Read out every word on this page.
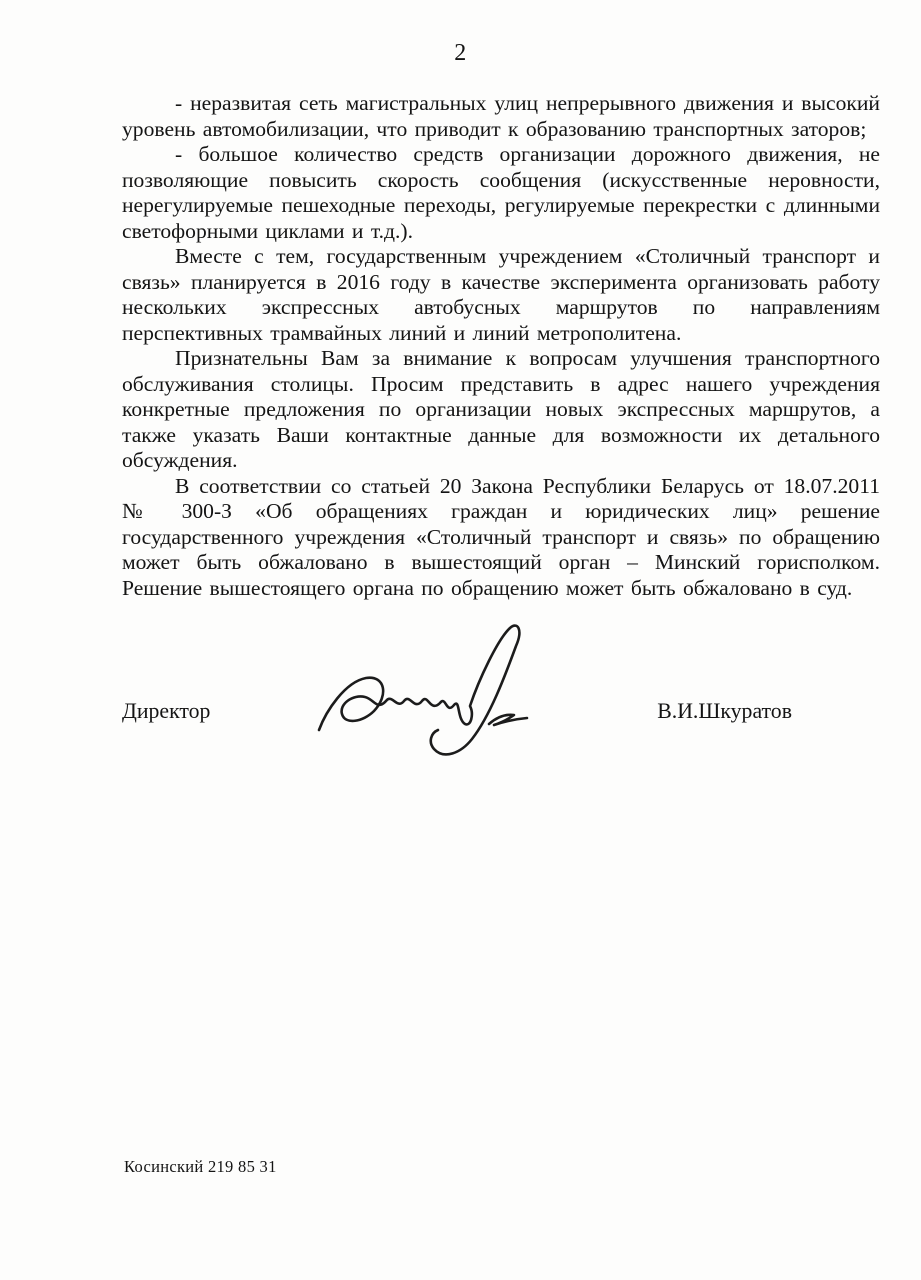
2

- неразвитая сеть магистральных улиц непрерывного движения и высокий уровень автомобилизации, что приводит к образованию транспортных заторов;

- большое количество средств организации дорожного движения, не позволяющие повысить скорость сообщения (искусственные неровности, нерегулируемые пешеходные переходы, регулируемые перекрестки с длинными светофорными циклами и т.д.).

Вместе с тем, государственным учреждением «Столичный транспорт и связь» планируется в 2016 году в качестве эксперимента организовать работу нескольких экспрессных автобусных маршрутов по направлениям перспективных трамвайных линий и линий метрополитена.

Признательны Вам за внимание к вопросам улучшения транспортного обслуживания столицы. Просим представить в адрес нашего учреждения конкретные предложения по организации новых экспрессных маршрутов, а также указать Ваши контактные данные для возможности их детального обсуждения.

В соответствии со статьей 20 Закона Республики Беларусь от 18.07.2011 № 300-З «Об обращениях граждан и юридических лиц» решение государственного учреждения «Столичный транспорт и связь» по обращению может быть обжаловано в вышестоящий орган – Минский горисполком. Решение вышестоящего органа по обращению может быть обжаловано в суд.

Директор	В.И.Шкуратов
Косинский 219 85 31
